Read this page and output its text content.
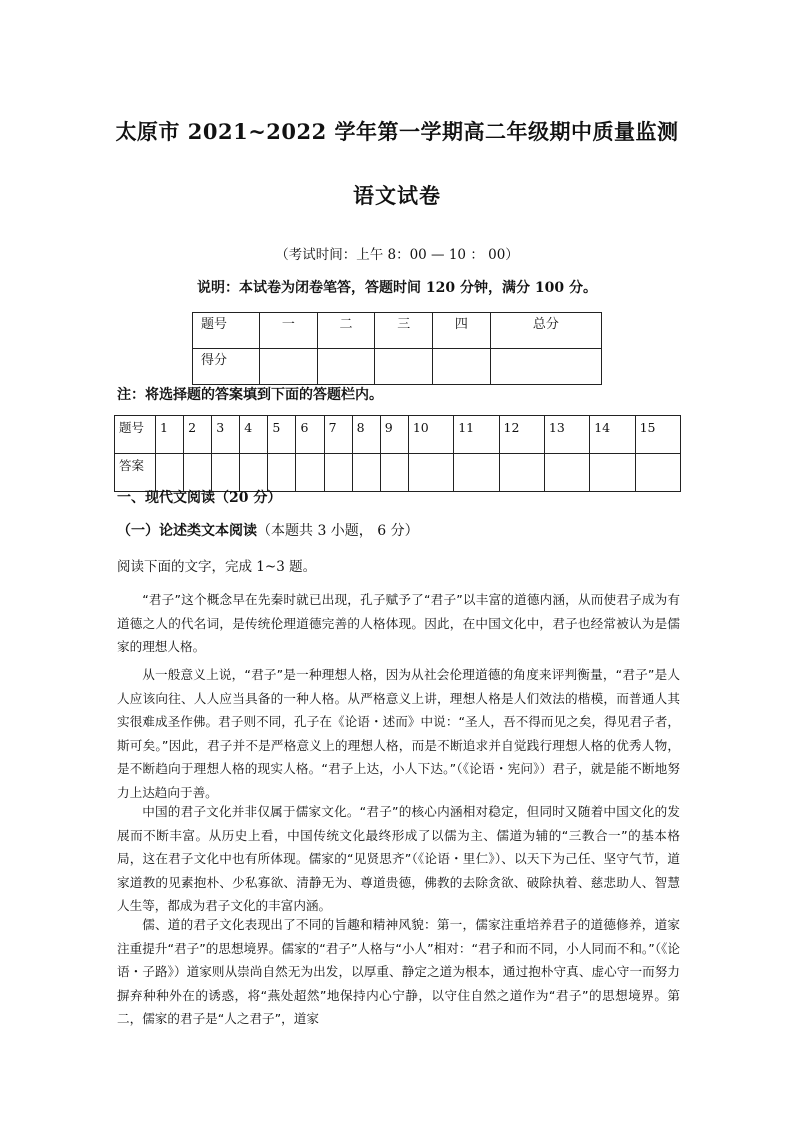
太原市 2021~2022 学年第一学期高二年级期中质量监测
语文试卷
（考试时间：上午 8：00 — 10 ： 00）
说明：本试卷为闭卷笔答，答题时间 120 分钟，满分 100 分。
题号	一	二	三	四	总分
得分					
注：将选择题的答案填到下面的答题栏内。
题号	1	2	3	4	5	6	7	8	9	10	11	12	13	14	15
答案															
一、现代文阅读（20 分）
（一）论述类文本阅读（本题共 3 小题， 6 分）
阅读下面的文字，完成 1~3 题。

“君子”这个概念早在先秦时就已出现，孔子赋予了“君子”以丰富的道德内涵，从而使君子成为有道德之人的代名词，是传统伦理道德完善的人格体现。因此，在中国文化中，君子也经常被认为是儒家的理想人格。

从一般意义上说，“君子”是一种理想人格，因为从社会伦理道德的角度来评判衡量，“君子”是人人应该向往、人人应当具备的一种人格。从严格意义上讲，理想人格是人们效法的楷模，而普通人其实很难成圣作佛。君子则不同，孔子在《论语・述而》中说：“圣人，吾不得而见之矣，得见君子者，斯可矣。”因此，君子并不是严格意义上的理想人格，而是不断追求并自觉践行理想人格的优秀人物，是不断趋向于理想人格的现实人格。“君子上达，小人下达。”（《论语・宪问》）君子，就是能不断地努力上达趋向于善。

中国的君子文化并非仅属于儒家文化。“君子”的核心内涵相对稳定，但同时又随着中国文化的发展而不断丰富。从历史上看，中国传统文化最终形成了以儒为主、儒道为辅的“三教合一”的基本格局，这在君子文化中也有所体现。儒家的“见贤思齐”（《论语・里仁》）、以天下为己任、坚守气节，道家道教的见素抱朴、少私寡欲、清静无为、尊道贵德，佛教的去除贪欲、破除执着、慈悲助人、智慧人生等，都成为君子文化的丰富内涵。

儒、道的君子文化表现出了不同的旨趣和精神风貌：第一，儒家注重培养君子的道德修养，道家注重提升“君子”的思想境界。儒家的“君子”人格与“小人”相对：“君子和而不同，小人同而不和。”（《论语・子路》）道家则从崇尚自然无为出发，以厚重、静定之道为根本，通过抱朴守真、虚心守一而努力摒弃种种外在的诱惑，将“燕处超然”地保持内心宁静，以守住自然之道作为“君子”的思想境界。第二，儒家的君子是“人之君子”，道家
